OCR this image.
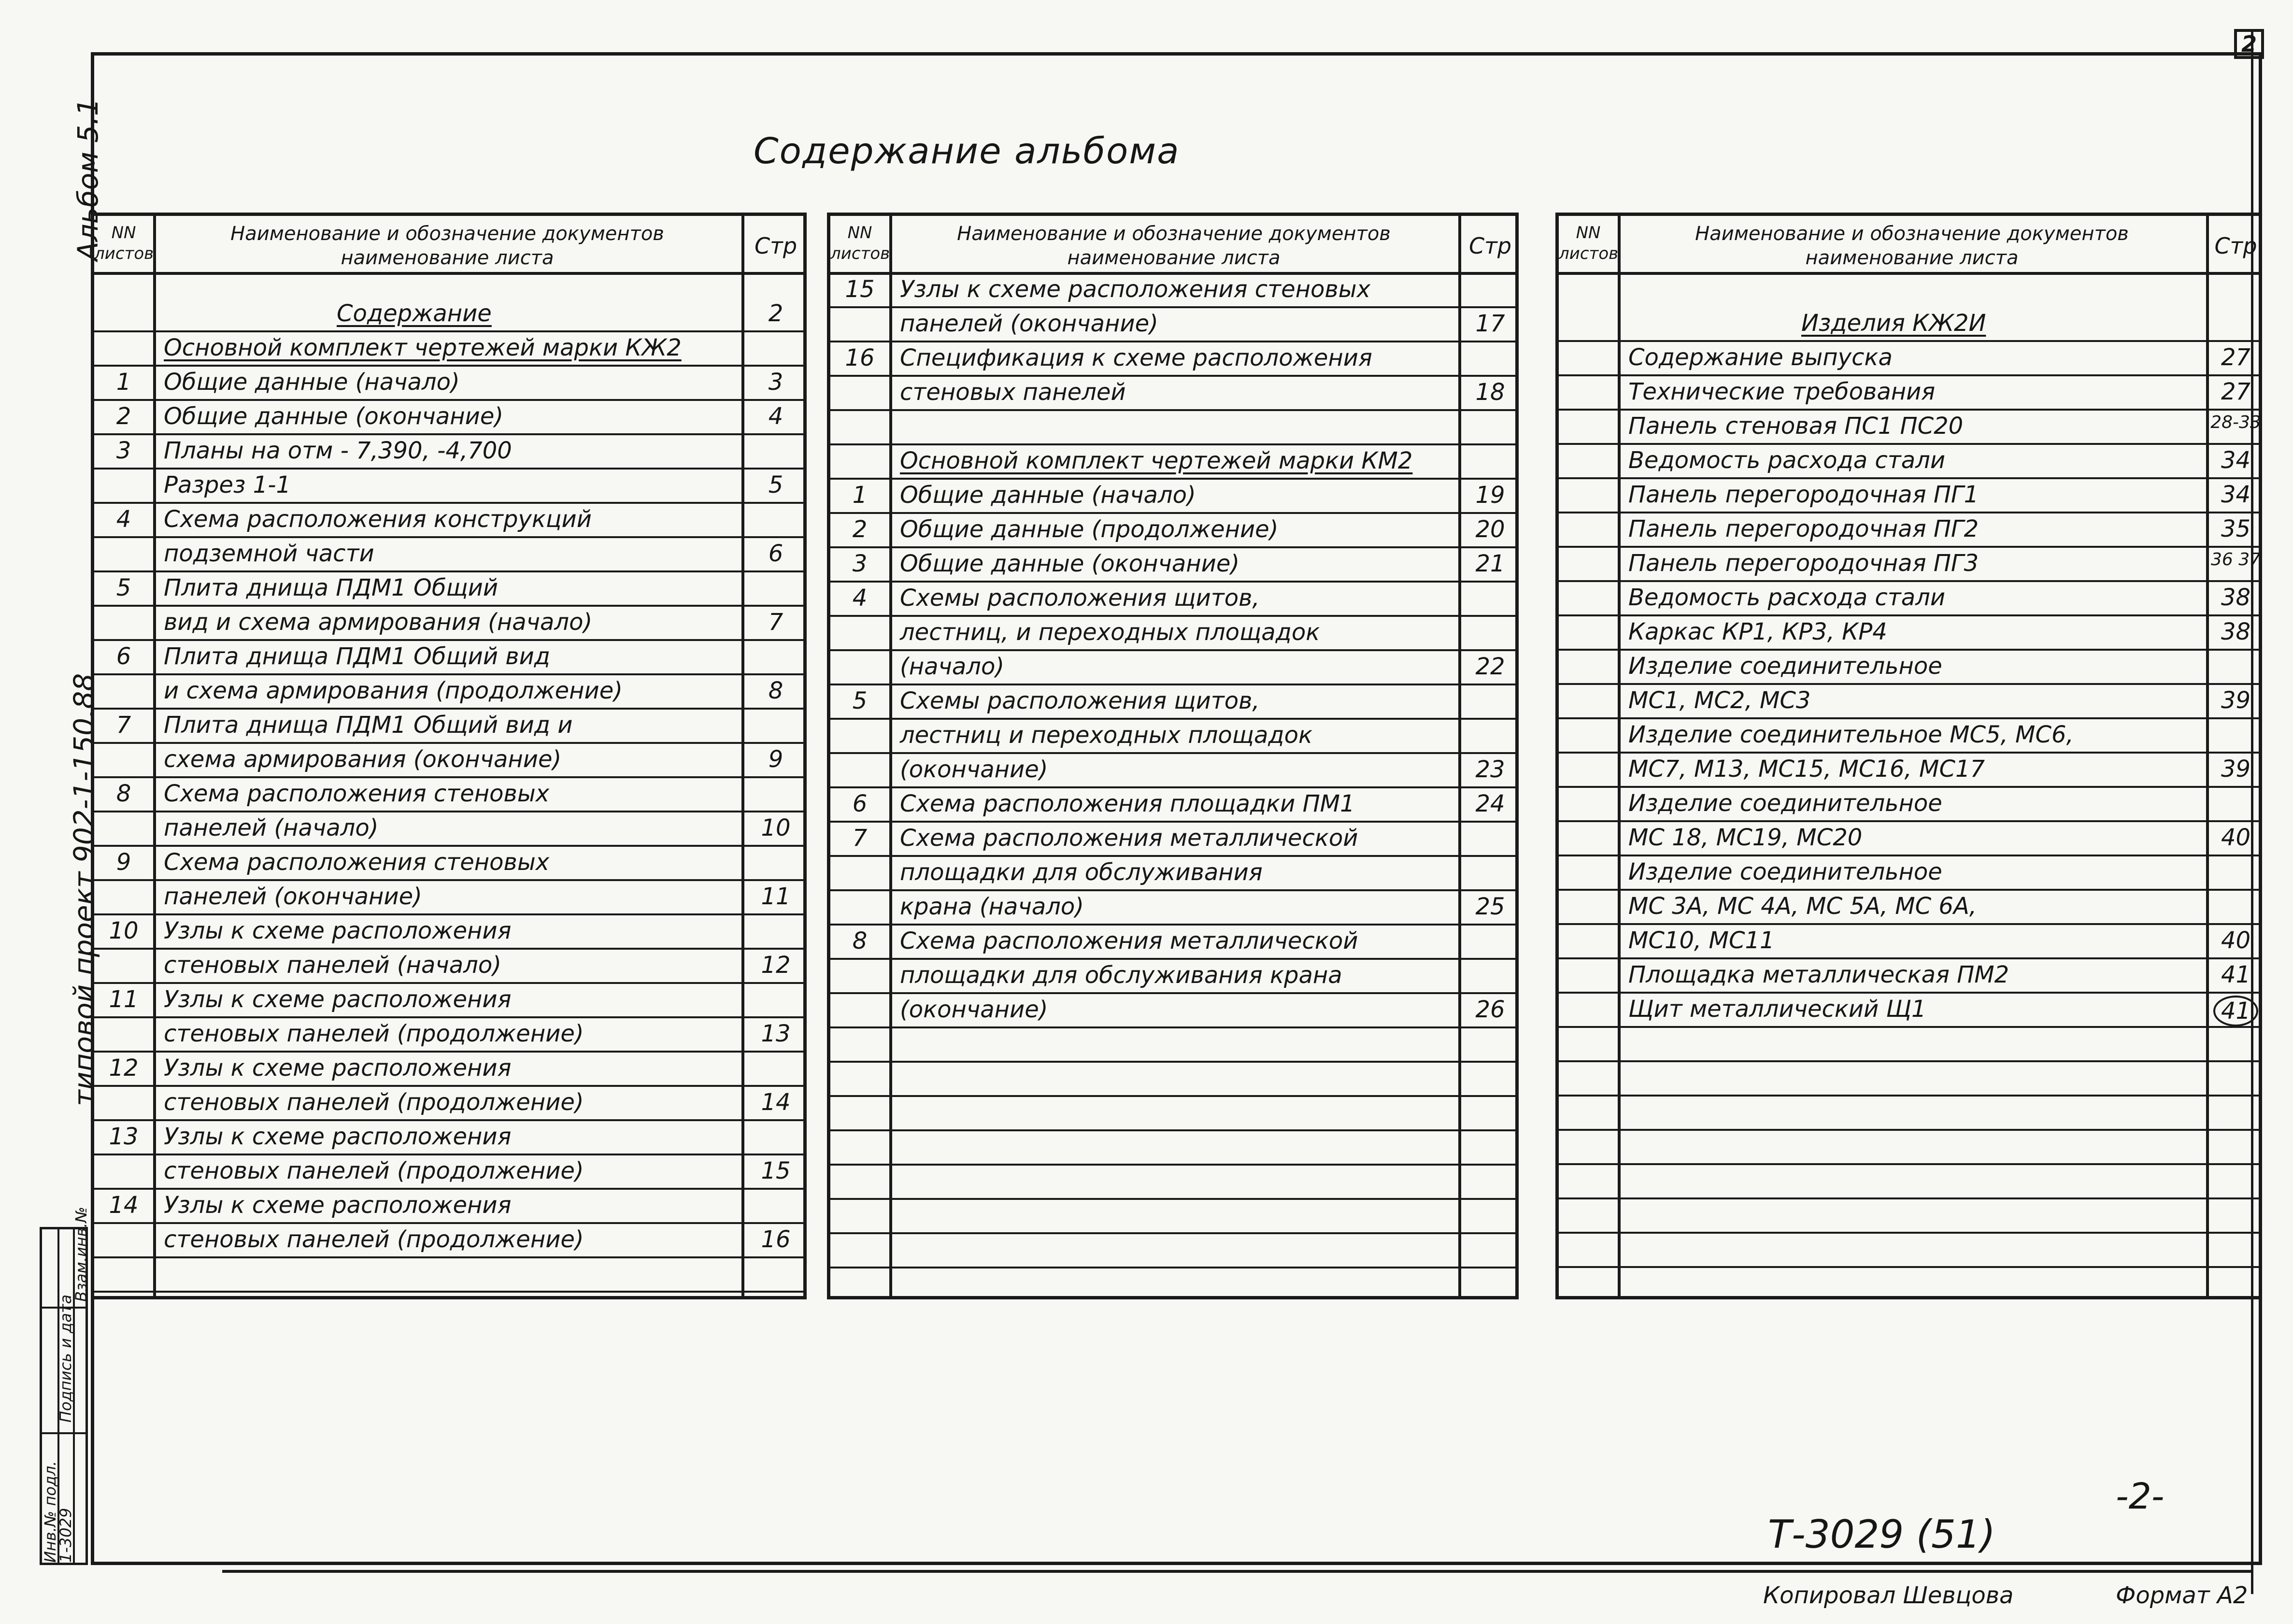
2
Содержание альбома
Альбом 5.1
типовой проект 902-1-150.88
Инв.№ подл.
Подпись и дата
Взам.инв.№
1-3029
NN листов
Наименование и обозначение документов
наименование листа	Стр
Содержание	2
Основной комплект чертежей марки КЖ2
1	Общие данные (начало)	3
2	Общие данные (окончание)	4
3	Планы на отм - 7,390, -4,700
Разрез 1-1	5
4	Схема расположения конструкций
подземной части	6
5	Плита днища ПДМ1 Общий
вид и схема армирования (начало)	7
6	Плита днища ПДМ1 Общий вид
и схема армирования (продолжение)	8
7	Плита днища ПДМ1 Общий вид и
схема армирования (окончание)	9
8	Схема расположения стеновых
панелей (начало)	10
9	Схема расположения стеновых
панелей (окончание)	11
10	Узлы к схеме расположения
стеновых панелей (начало)	12
11	Узлы к схеме расположения
стеновых панелей (продолжение)	13
12	Узлы к схеме расположения
стеновых панелей (продолжение)	14
13	Узлы к схеме расположения
стеновых панелей (продолжение)	15
14	Узлы к схеме расположения
стеновых панелей (продолжение)	16
NN листов
Наименование и обозначение документов
наименование листа	Стр
15	Узлы к схеме расположения стеновых
панелей (окончание)	17
16	Спецификация к схеме расположения
стеновых панелей	18
Основной комплект чертежей марки КМ2
1	Общие данные (начало)	19
2	Общие данные (продолжение)	20
3	Общие данные (окончание)	21
4	Схемы расположения щитов,
лестниц, и переходных площадок
(начало)	22
5	Схемы расположения щитов,
лестниц и переходных площадок
(окончание)	23
6	Схема расположения площадки ПМ1	24
7	Схема расположения металлической
площадки для обслуживания
крана (начало)	25
8	Схема расположения металлической
площадки для обслуживания крана
(окончание)	26
NN листов
Наименование и обозначение документов
наименование листа	Стр
Изделия КЖ2И
Содержание выпуска	27
Технические требования	27
Панель стеновая ПС1 ПС20	28-33
Ведомость расхода стали	34
Панель перегородочная ПГ1	34
Панель перегородочная ПГ2	35
Панель перегородочная ПГ3	36 37
Ведомость расхода стали	38
Каркас КР1, КР3, КР4	38
Изделие соединительное
МС1, МС2, МС3	39
Изделие соединительное МС5, МС6,
МС7, М13, МС15, МС16, МС17	39
Изделие соединительное
МС 18, МС19, МС20	40
Изделие соединительное
МС 3А, МС 4А, МС 5А, МС 6А,
МС10, МС11	40
Площадка металлическая ПМ2	41
Щит металлический Щ1	41
-2-
Т-3029 (51)
Копировал Шевцова	Формат А2
